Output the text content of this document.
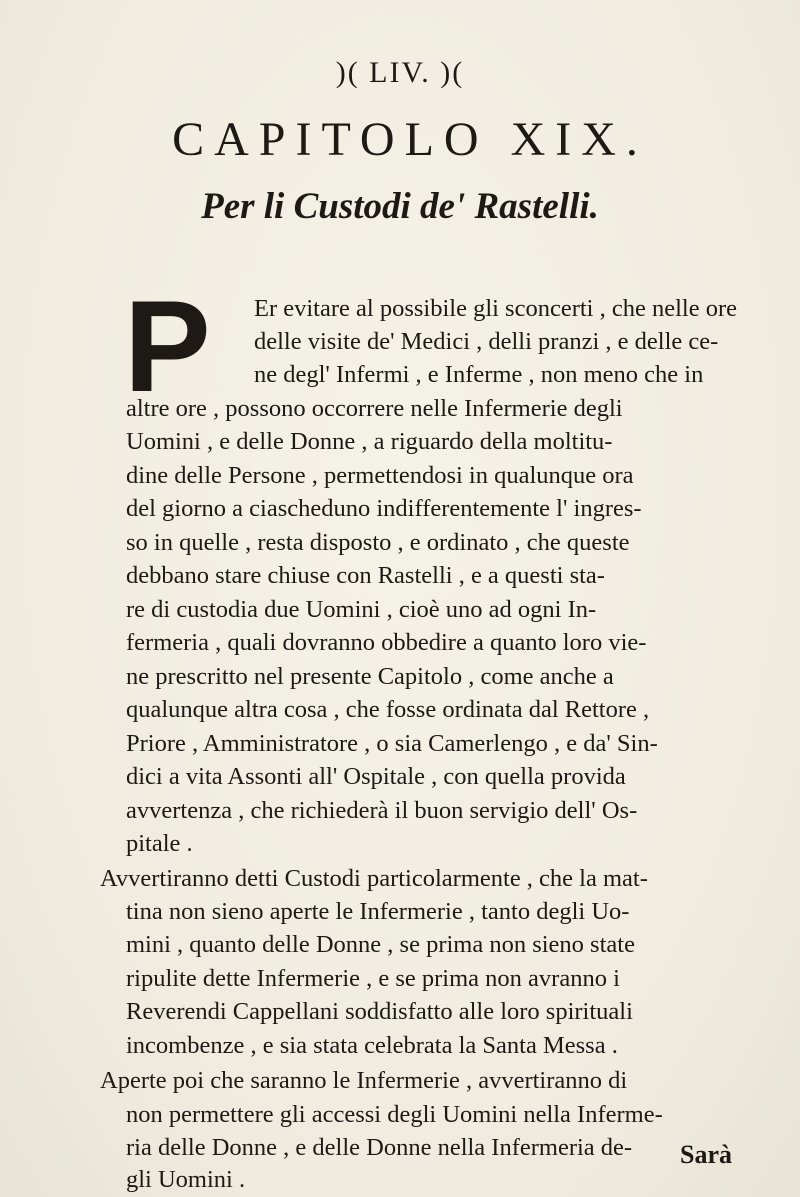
)( LIV. )(
CAPITOLO XIX.
Per li Custodi de' Rastelli.
P Er evitare al possibile gli sconcerti , che nelle ore
delle visite de' Medici , delli pranzi , e delle ce-
ne degl' Infermi , e Inferme , non meno che in
altre ore , possono occorrere nelle Infermerie degli
Uomini , e delle Donne , a riguardo della moltitu-
dine delle Persone , permettendosi in qualunque ora
del giorno a ciascheduno indifferentemente l' ingres-
so in quelle , resta disposto , e ordinato , che queste
debbano stare chiuse con Rastelli , e a questi sta-
re di custodia due Uomini , cioè uno ad ogni In-
fermeria , quali dovranno obbedire a quanto loro vie-
ne prescritto nel presente Capitolo , come anche a
qualunque altra cosa , che fosse ordinata dal Rettore ,
Priore , Amministratore , o sia Camerlengo , e da' Sin-
dici a vita Assonti all' Ospitale , con quella provida
avvertenza , che richiederà il buon servigio dell' Os-
pitale .
Avvertiranno detti Custodi particolarmente , che la mat-
tina non sieno aperte le Infermerie , tanto degli Uo-
mini , quanto delle Donne , se prima non sieno state
ripulite dette Infermerie , e se prima non avranno i
Reverendi Cappellani soddisfatto alle loro spirituali
incombenze , e sia stata celebrata la Santa Messa .
Aperte poi che saranno le Infermerie , avvertiranno di
non permettere gli accessi degli Uomini nella Inferme-
ria delle Donne , e delle Donne nella Infermeria de-
gli Uomini .
Sarà
